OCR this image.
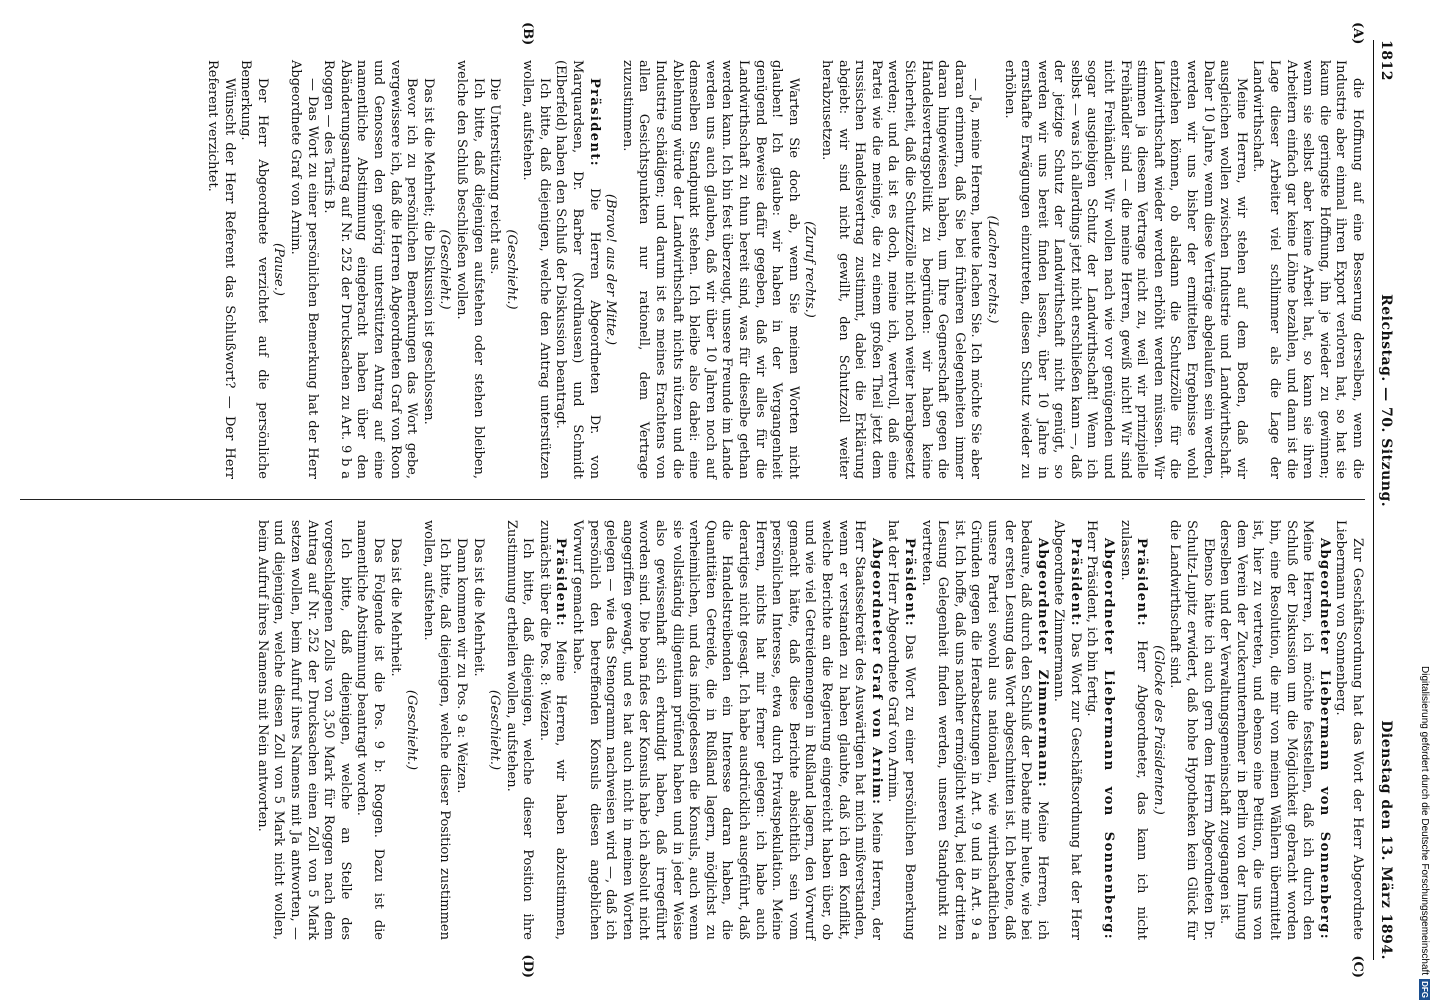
1812
Reichstag. — 70. Sitzung.
Dienstag den 13. März 1894.
(A)
(B)

die Hoffnung auf eine Besserung derselben, wenn die Industrie aber einmal ihren Export verloren hat, so hat sie kaum die geringste Hoffnung, ihn je wieder zu gewinnen; wenn sie selbst aber keine Arbeit hat, so kann sie ihren Arbeitern einfach gar keine Löhne bezahlen, und dann ist die Lage dieser Arbeiter viel schlimmer als die Lage der Landwirthschaft.

Meine Herren, wir stehen auf dem Boden, daß wir ausgleichen wollen zwischen Industrie und Landwirthschaft. Daher 10 Jahre, wenn diese Verträge abgelaufen sein werden, werden wir uns bisher der ermittelten Ergebnisse wohl entziehen können, ob alsdann die Schutzzölle für die Landwirthschaft wieder werden erhöht werden müssen. Wir stimmen ja diesem Vertrage nicht zu, weil wir prinzipielle Freihändler sind — die meine Herren, gewiß nicht! Wir sind nicht Freihändler. Wir wollen nach wie vor genügenden und sogar ausgiebigen Schutz der Landwirthschaft! Wenn ich selbst — was ich allerdings jetzt nicht erschließen kann —, daß der jetzige Schutz der Landwirthschaft nicht genügt, so werden wir uns bereit finden lassen, über 10 Jahre in ernsthafte Erwägungen einzutreten, diesen Schutz wieder zu erhöhen.

(Lachen rechts.)

— Ja, meine Herren, heute lachen Sie. Ich möchte Sie aber daran erinnern, daß Sie bei früheren Gelegenheiten immer daran hingewiesen haben, um Ihre Gegnerschaft gegen die Handelsvertragspolitik zu begründen: wir haben keine Sicherheit, daß die Schutzzölle nicht noch weiter herabgesetzt werden; und da ist es doch, meine ich, wertvoll, daß eine Partei wie die meinige, die zu einem großen Theil jetzt dem russischen Handelsvertrag zustimmt, dabei die Erklärung abgiebt: wir sind nicht gewillt, den Schutzzoll weiter herabzusetzen.

(Zuruf rechts.)

Warten Sie doch ab, wenn Sie meinen Worten nicht glauben! Ich glaube: wir haben in der Vergangenheit genügend Beweise dafür gegeben, daß wir alles für die Landwirthschaft zu thun bereit sind, was für dieselbe gethan werden kann. Ich bin fest überzeugt, unsere Freunde im Lande werden uns auch glauben, daß wir über 10 Jahren noch auf demselben Standpunkt stehen. Ich bleibe also dabei: eine Ablehnung würde der Landwirthschaft nichts nützen und die Industrie schädigen; und darum ist es meines Erachtens von allen Gesichtspunkten nur rationell, dem Vertrage zuzustimmen.

(Bravo! aus der Mitte.)

Präsident: Die Herren Abgeordneten Dr. von Marquardsen, Dr. Barber (Nordhausen) und Schmidt (Elberfeld) haben den Schluß der Diskussion beantragt.

Ich bitte, daß diejenigen, welche den Antrag unterstützen wollen, aufstehen.

(Geschieht.)

Die Unterstützung reicht aus.

Ich bitte, daß diejenigen aufstehen oder stehen bleiben, welche den Schluß beschließen wollen.

(Geschieht.)

Das ist die Mehrheit; die Diskussion ist geschlossen.

Bevor ich zu persönlichen Bemerkungen das Wort gebe, vergewissere ich, daß die Herren Abgeordneten Graf von Roon und Genossen den gehörig unterstützten Antrag auf eine namentliche Abstimmung eingebracht haben über den Abänderungsantrag auf Nr. 252 der Drucksachen zu Art. 9 b a Roggen — des Tarifs B.

— Das Wort zu einer persönlichen Bemerkung hat der Herr Abgeordnete Graf von Arnim.

(Pause.)

Der Herr Abgeordnete verzichtet auf die persönliche Bemerkung.

Wünscht der Herr Referent das Schlußwort? — Der Herr Referent verzichtet.

(C)
(D)

Zur Geschäftsordnung hat das Wort der Herr Abgeordnete Liebermann von Sonnenberg.

Abgeordneter Liebermann von Sonnenberg: Meine Herren, ich möchte feststellen, daß ich durch den Schluß der Diskussion um die Möglichkeit gebracht worden bin, eine Resolution, die mir von meinen Wählern übermittelt ist, hier zu vertreten, und ebenso eine Petition, die uns von dem Verein der Zuckerunternehmer in Berlin von der Innung derselben und der Verwaltungsgemeinschaft zugegangen ist.

Ebenso hätte ich auch gern dem Herrn Abgeordneten Dr. Schultz-Lupitz erwidert, daß hohe Hypotheken kein Glück für die Landwirthschaft sind.

(Glocke des Präsidenten.)

Präsident: Herr Abgeordneter, das kann ich nicht zulassen.

Abgeordneter Liebermann von Sonnenberg: Herr Präsident, ich bin fertig.

Präsident: Das Wort zur Geschäftsordnung hat der Herr Abgeordnete Zimmermann.

Abgeordneter Zimmermann: Meine Herren, ich bedaure, daß durch den Schluß der Debatte mir heute, wie bei der ersten Lesung das Wort abgeschnitten ist. Ich betone, daß unsere Partei sowohl aus nationalen, wie wirthschaftlichen Gründen gegen die Herabsetzungen in Art. 9 und in Art. 9 a ist. Ich hoffe, daß uns nachher ermöglicht wird, bei der dritten Lesung Gelegenheit finden werden, unseren Standpunkt zu vertreten.

Präsident: Das Wort zu einer persönlichen Bemerkung hat der Herr Abgeordnete Graf von Arnim.

Abgeordneter Graf von Arnim: Meine Herren, der Herr Staatssekretär des Auswärtigen hat mich mißverstanden, wenn er verstanden zu haben glaubte, daß ich den Konflikt, welche Berichte an die Regierung eingereicht haben über, ob und wie viel Getreidemengen in Rußland lagern, den Vorwurf gemacht hätte, daß diese Berichte absichtlich sein vom persönlichen Interesse, etwa durch Privatspekulation. Meine Herren, nichts hat mir ferner gelegen: ich habe auch derartiges nicht gesagt. Ich habe ausdrücklich ausgeführt, daß die Handelstreibenden ein Interesse daran haben, die Quantitäten Getreide, die in Rußland lagern, möglichst zu verheimlichen, und das infolgedessen die Konsuls, auch wenn sie vollständig diligentiam prüfend haben und in jeder Weise also gewissenhaft sich erkundigt haben, daß irregeführt worden sind. Die bona fides der Konsuls habe ich absolut nicht angegriffen gewagt, und es hat auch nicht in meinen Worten gelegen — wie das Stenogramm nachweisen wird —, daß ich persönlich den betreffenden Konsuls diesen angeblichen Vorwurf gemacht habe.

Präsident: Meine Herren, wir haben abzustimmen, zunächst über die Pos. 8: Weizen.

Ich bitte, daß diejenigen, welche dieser Position ihre Zustimmung ertheilen wollen, aufstehen.

(Geschieht.)

Das ist die Mehrheit.

Dann kommen wir zu Pos. 9 a: Weizen.

Ich bitte, daß diejenigen, welche dieser Position zustimmen wollen, aufstehen.

(Geschieht.)

Das ist die Mehrheit.

Das Folgende ist die Pos. 9 b: Roggen. Dazu ist die namentliche Abstimmung beantragt worden.

Ich bitte, daß diejenigen, welche an Stelle des vorgeschlagenen Zolls von 3,50 Mark für Roggen nach dem Antrag auf Nr. 252 der Drucksachen einen Zoll von 5 Mark setzen wollen, beim Aufruf ihres Namens mit Ja antworten, — und diejenigen, welche diesen Zoll von 5 Mark nicht wollen, beim Aufruf ihres Namens mit Nein antworten.	Digitalisierung gefördert durch die Deutsche Forschungsgemeinschaft
DFG
